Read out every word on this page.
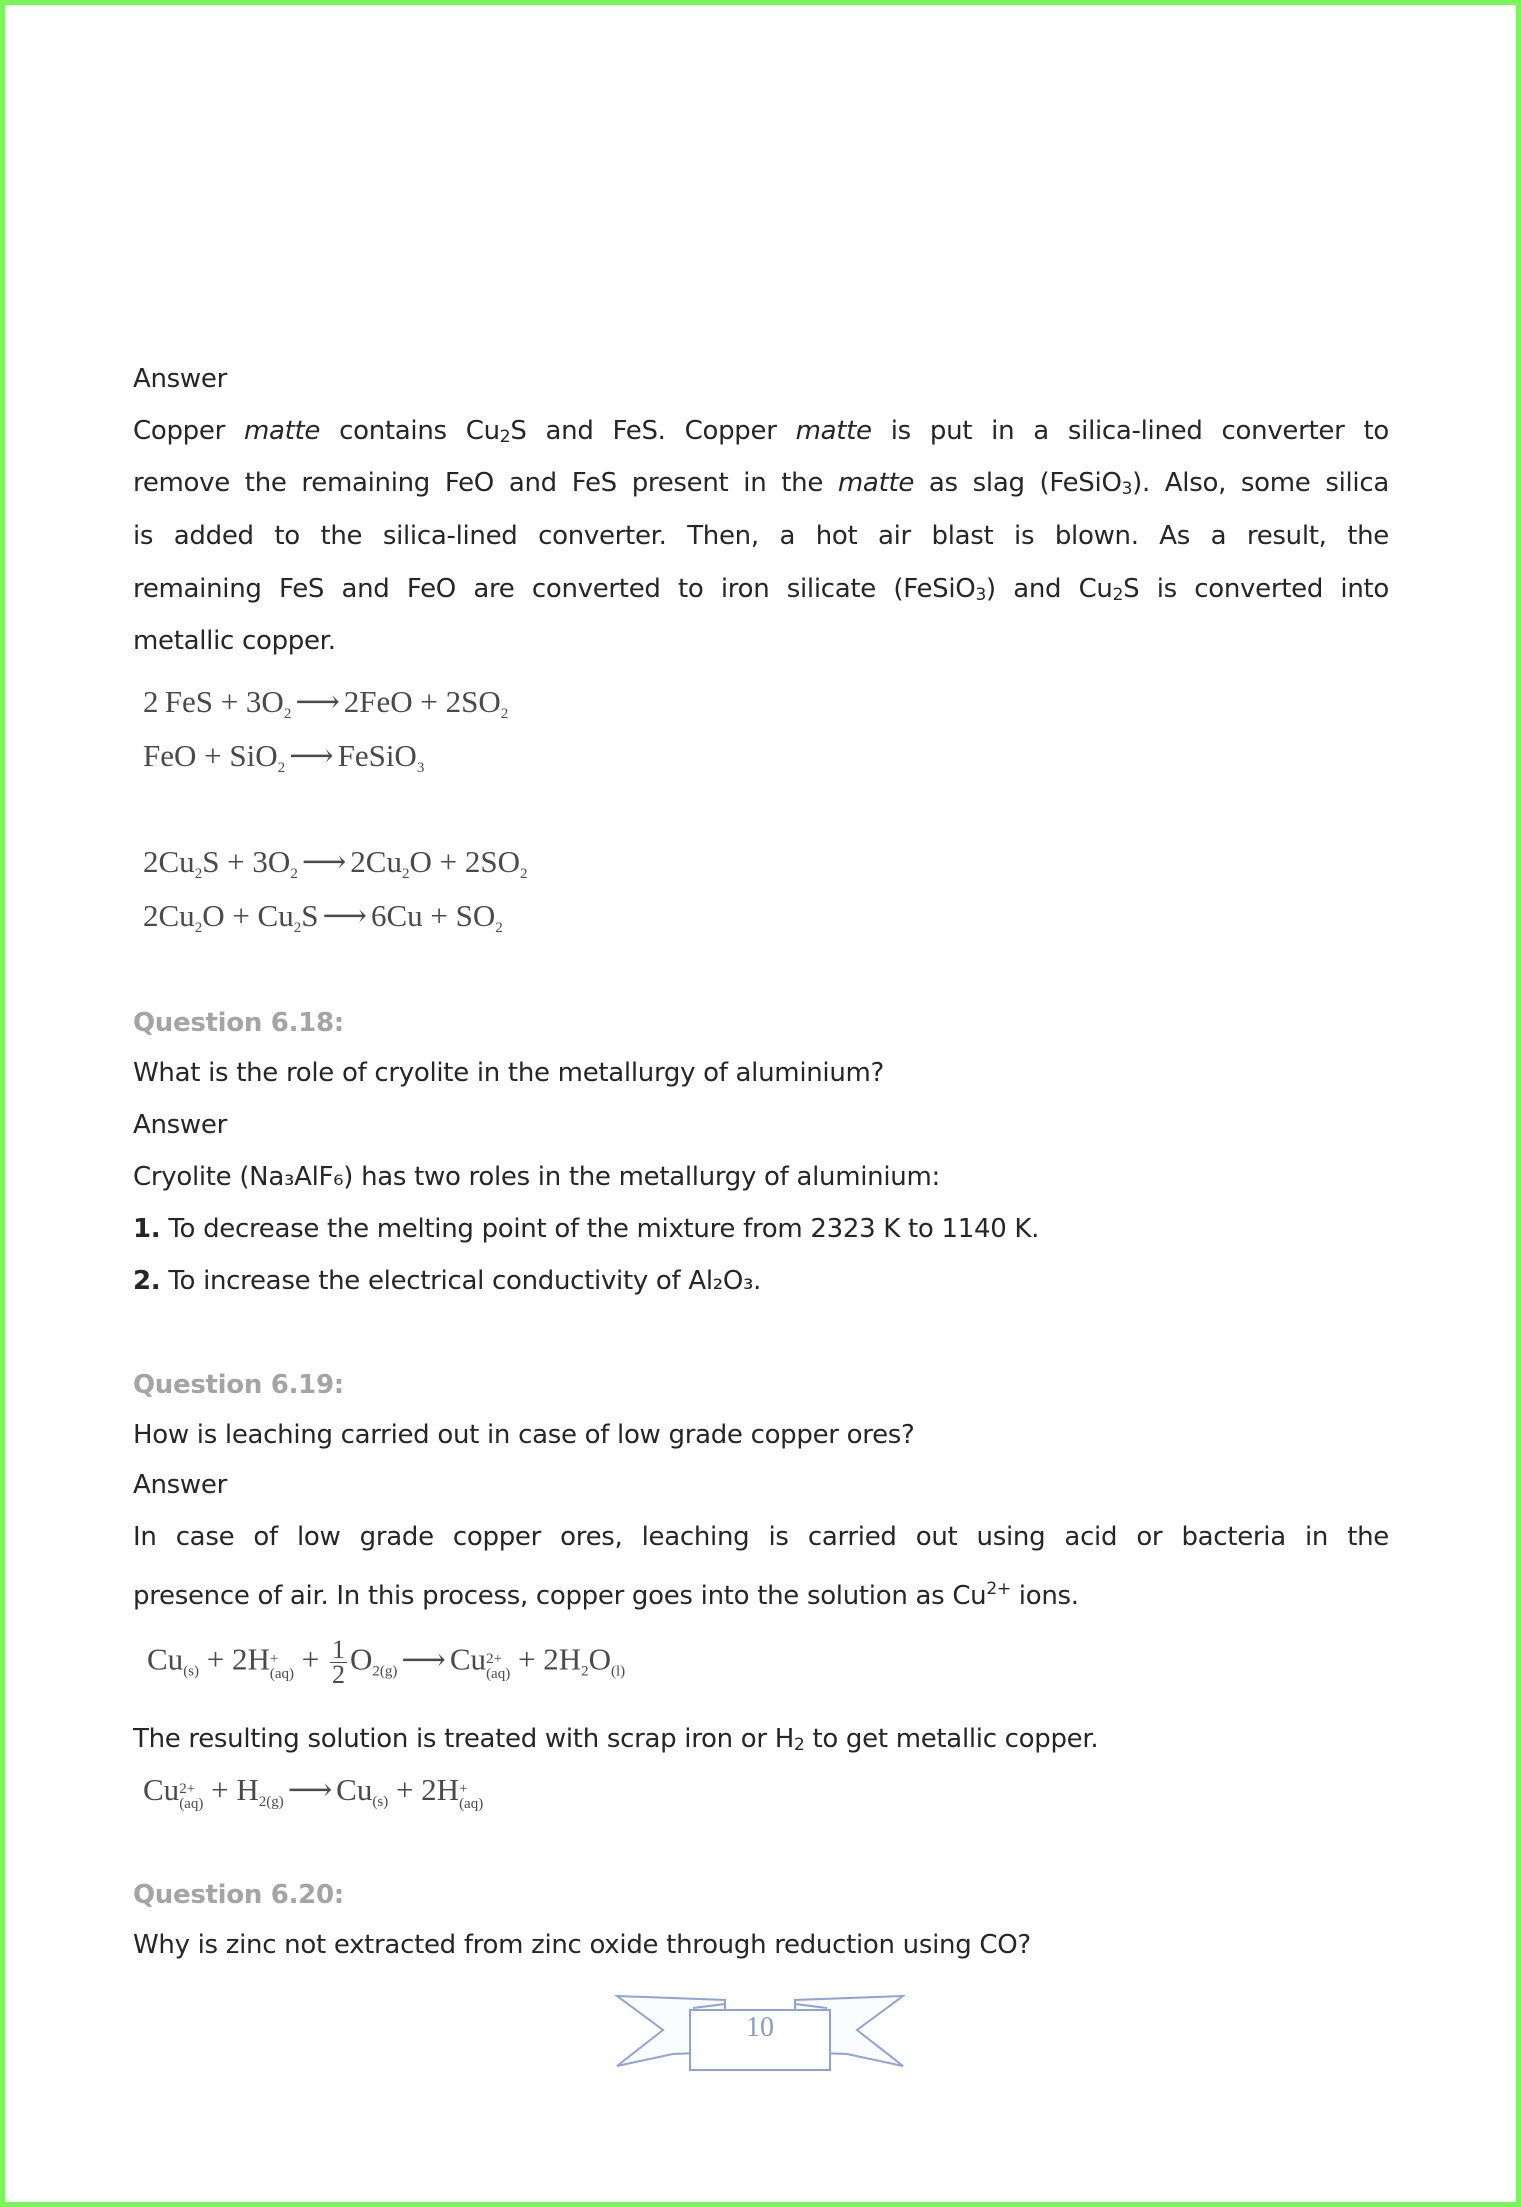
Answer
Copper matte contains $Cu_2S$ and FeS. Copper matte is put in a silica-lined converter to
remove the remaining FeO and FeS present in the matte as slag (FeSiO$_3$). Also, some silica
is added to the silica-lined converter. Then, a hot air blast is blown. As a result, the
remaining FeS and FeO are converted to iron silicate (FeSiO$_3$) and $Cu_2S$ is converted into
metallic copper.
2 FeS + $3O_2$ ⟶ $2FeO + 2SO_2$
FeO + SiO$_2$ ⟶ FeSiO$_3$
$2Cu_2S + 3O_2$ ⟶ $2Cu_2O + 2SO_2$
$2Cu_2O + Cu_2S$ ⟶ $6Cu + SO_2$
Question 6.18:
What is the role of cryolite in the metallurgy of aluminium?
Answer
Cryolite (Na₃AlF₆) has two roles in the metallurgy of aluminium:
1. To decrease the melting point of the mixture from 2323 K to 1140 K.
2. To increase the electrical conductivity of Al₂O₃.
Question 6.19:
How is leaching carried out in case of low grade copper ores?
Answer
In case of low grade copper ores, leaching is carried out using acid or bacteria in the
presence of air. In this process, copper goes into the solution as $Cu^{2+}$ ions.
$Cu_{(s)} + 2H+$
$(aq) + \frac{1}{2} O_{2(g)}$ ⟶ Cu2+
$(aq) + 2H_2O_{(l)}$
The resulting solution is treated with scrap iron or $H_2$ to get metallic copper.
Cu2+
$(aq) + H_{2(g)}$ ⟶ $Cu_{(s)} + 2H+$
(aq)
Question 6.20:
Why is zinc not extracted from zinc oxide through reduction using CO?
10
